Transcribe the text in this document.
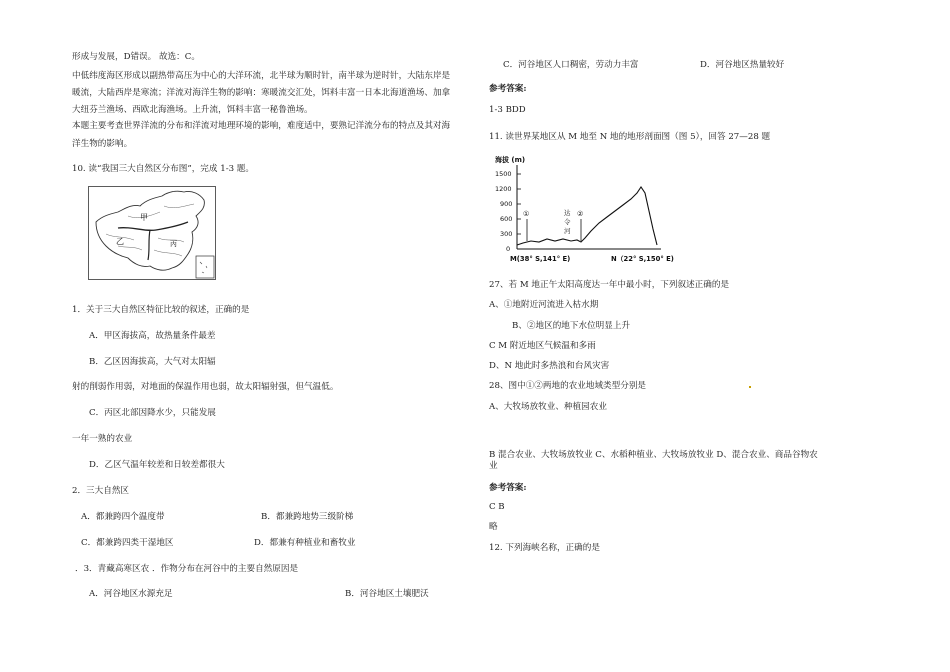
形成与发展，D错误。 故选：C。
中低纬度海区形成以副热带高压为中心的大洋环流，北半球为顺时针，南半球为逆时针，大陆东岸是
暖流，大陆西岸是寒流；洋流对海洋生物的影响：寒暖流交汇处，饵料丰富一日本北海道渔场、加拿
大纽芬兰渔场、西欧北海渔场。上升流，饵料丰富一秘鲁渔场。
本题主要考查世界洋流的分布和洋流对地理环境的影响，难度适中，要熟记洋流分布的特点及其对海
洋生物的影响。
10. 读“我国三大自然区分布图”，完成 1-3 题。
甲
乙	丙
1．关于三大自然区特征比较的叙述，正确的是
A．甲区海拔高，故热量条件最差
B．乙区因海拔高，大气对太阳辐
射的削弱作用弱，对地面的保温作用也弱，故太阳辐射强，但气温低。
C．丙区北部因降水少，只能发展
一年一熟的农业
D．乙区气温年较差和日较差都很大
2．三大自然区
A．都兼跨四个温度带	B．都兼跨地势三级阶梯
C．都兼跨四类干湿地区	D．都兼有种植业和畜牧业
．3．青藏高寒区农 ．作物分布在河谷中的主要自然原因是
A．河谷地区水源充足	B．河谷地区土壤肥沃
C．河谷地区人口稠密，劳动力丰富	D．河谷地区热量较好
参考答案:
1-3 BDD
11. 读世界某地区从 M 地至 N 地的地形剖面图（图 5），回答 27—28 题
海拔 (m)
1500
1200
900
600
300
0
①	②
达
令
河
M(38° S,141° E)	N（22° S,150° E)
27、若 M 地正午太阳高度达一年中最小时，下列叙述正确的是
A、①地附近河流进入枯水期
B、②地区的地下水位明显上升
C M 附近地区气候温和多雨
D、N 地此时多热浪和台风灾害
28、图中①②两地的农业地域类型分别是
A、大牧场放牧业、种植园农业
B 混合农业、大牧场放牧业 C、水稻种植业、大牧场放牧业 D、混合农业、商品谷物农
业
参考答案:
C B
略
12. 下列海峡名称，正确的是
